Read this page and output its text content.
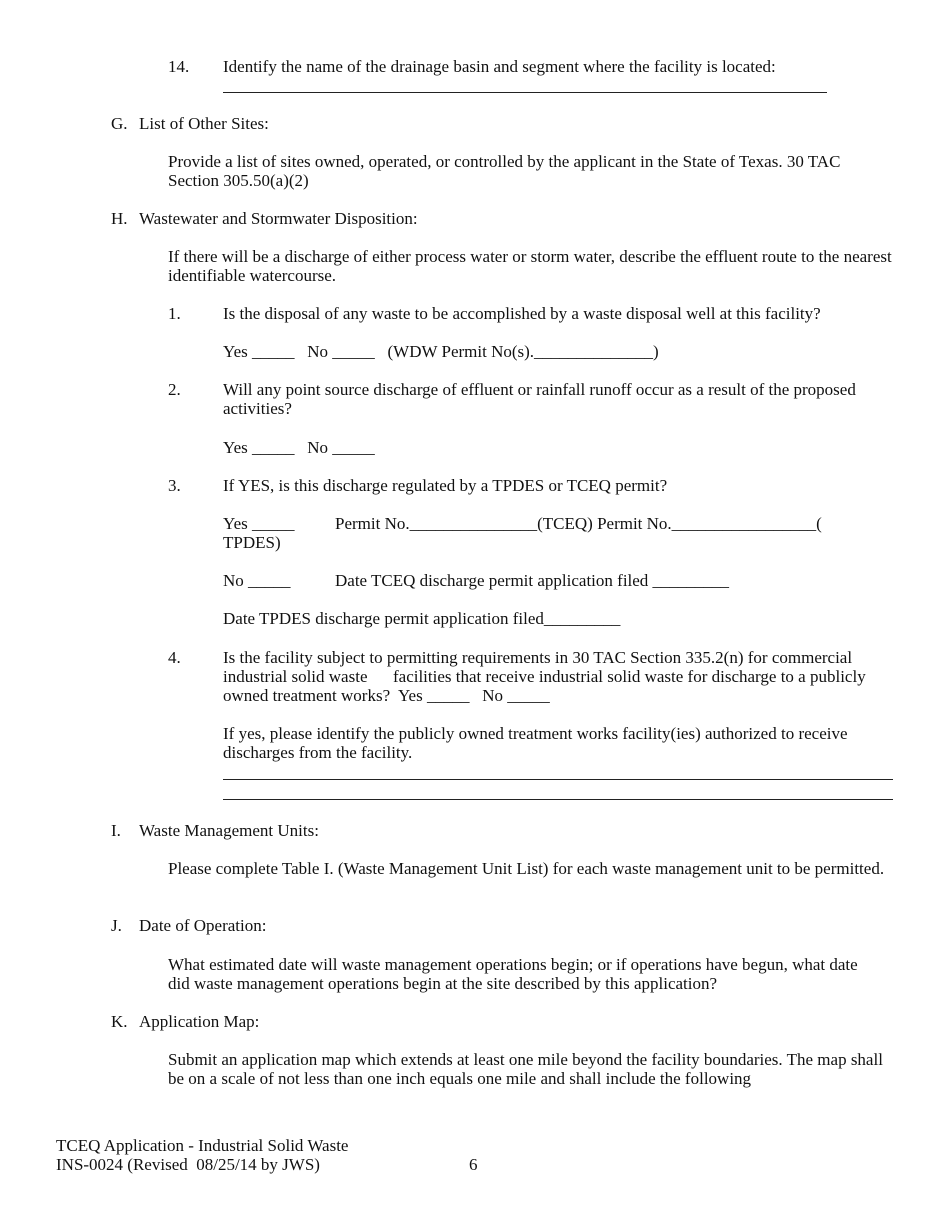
14. Identify the name of the drainage basin and segment where the facility is located:
G. List of Other Sites:
Provide a list of sites owned, operated, or controlled by the applicant in the State of Texas. 30 TAC Section 305.50(a)(2)
H. Wastewater and Stormwater Disposition:
If there will be a discharge of either process water or storm water, describe the effluent route to the nearest identifiable watercourse.
1. Is the disposal of any waste to be accomplished by a waste disposal well at this facility?
Yes _____   No _____   (WDW Permit No(s).______________)
2. Will any point source discharge of effluent or rainfall runoff occur as a result of the proposed activities?
Yes _____   No _____
3. If YES, is this discharge regulated by a TPDES or TCEQ permit?
Yes _____ Permit No._______________(TCEQ) Permit No._________________(
TPDES)
No _____	Date TCEQ discharge permit application filed _________
Date TPDES discharge permit application filed_________
4. Is the facility subject to permitting requirements in 30 TAC Section 335.2(n) for commercial industrial solid waste      facilities that receive industrial solid waste for discharge to a publicly owned treatment works?  Yes _____   No _____
If yes, please identify the publicly owned treatment works facility(ies) authorized to receive discharges from the facility.
I. Waste Management Units:
Please complete Table I. (Waste Management Unit List) for each waste management unit to be permitted.
J. Date of Operation:
What estimated date will waste management operations begin; or if operations have begun, what date did waste management operations begin at the site described by this application?
K. Application Map:
Submit an application map which extends at least one mile beyond the facility boundaries. The map shall be on a scale of not less than one inch equals one mile and shall include the following
TCEQ Application - Industrial Solid Waste
INS-0024 (Revised  08/25/14 by JWS)	6
